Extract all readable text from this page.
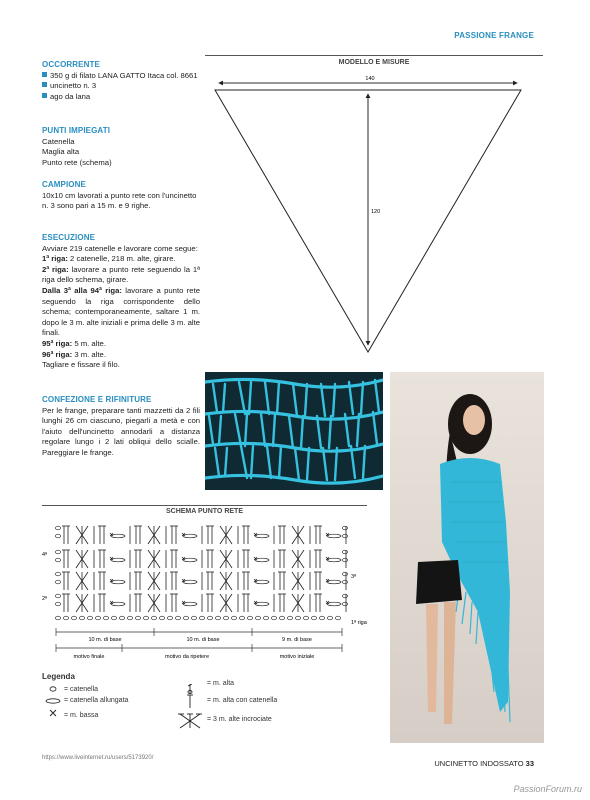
PASSIONE FRANGE
OCCORRENTE
350 g di filato LANA GATTO Itaca col. 8661
uncinetto n. 3
ago da lana
PUNTI IMPIEGATI
Catenella
Maglia alta
Punto rete (schema)
CAMPIONE
10x10 cm lavorati a punto rete con l'uncinetto n. 3 sono pari a 15 m. e 9 righe.
ESECUZIONE
Avviare 219 catenelle e lavorare come segue:
1ª riga: 2 catenelle, 218 m. alte, girare.
2ª riga: lavorare a punto rete seguendo la 1ª riga dello schema, girare.
Dalla 3ª alla 94ª riga: lavorare a punto rete seguendo la riga corrispondente dello schema; contemporaneamente, saltare 1 m. dopo le 3 m. alte iniziali e prima delle 3 m. alte finali.
95ª riga: 5 m. alte.
96ª riga: 3 m. alte.
Tagliare e fissare il filo.
CONFEZIONE E RIFINITURE
Per le frange, preparare tanti mazzetti da 2 fili lunghi 26 cm ciascuno, piegarli a metà e con l'aiuto dell'uncinetto annodarli a distanza regolare lungo i 2 lati obliqui dello scialle. Pareggiare le frange.
MODELLO E MISURE
140
120
SCHEMA PUNTO RETE
4ª
2ª
3ª
1ª riga
10 m. di base	10 m. di base	9 m. di base
motivo finale	motivo da ripetere	motivo iniziale
Legenda
= catenella
= catenella allungata
= m. bassa
= m. alta
= m. alta con catenella
= 3 m. alte incrociate
https://www.liveinternet.ru/users/5173920/
UNCINETTO INDOSSATO 33
PassionForum.ru
